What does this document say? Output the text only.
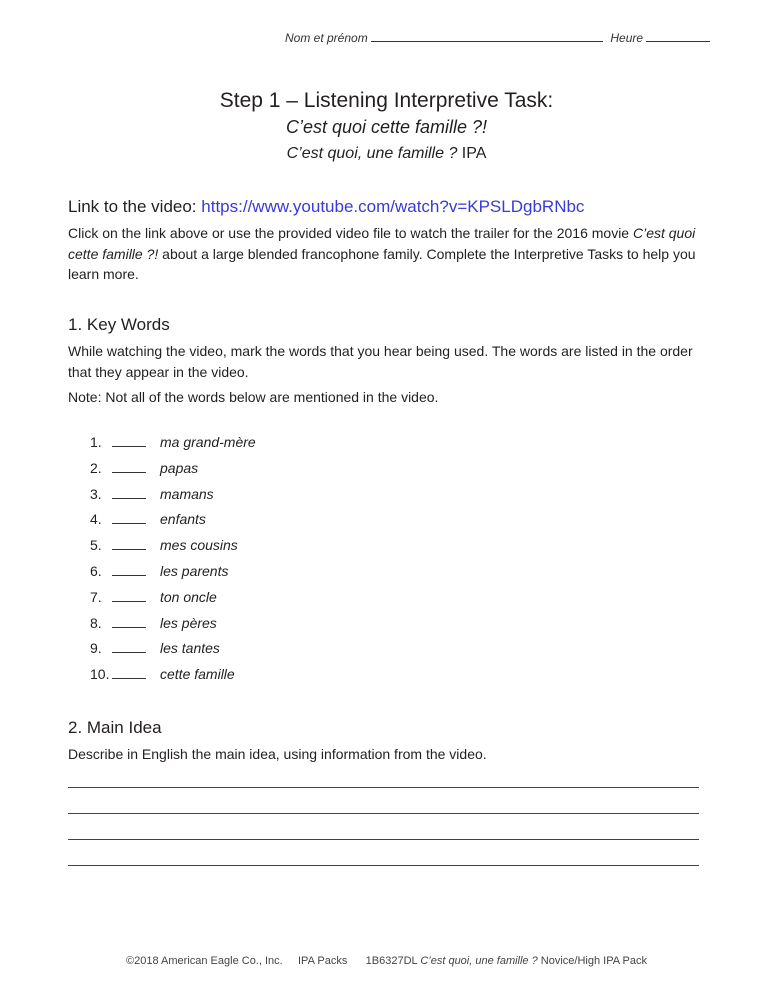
Nom et prénom	Heure
Step 1 – Listening Interpretive Task:
C’est quoi cette famille ?!
C’est quoi, une famille ? IPA
Link to the video: https://www.youtube.com/watch?v=KPSLDgbRNbc

Click on the link above or use the provided video file to watch the trailer for the 2016 movie C’est quoi cette famille ?! about a large blended francophone family. Complete the Interpretive Tasks to help you learn more.

1. Key Words

While watching the video, mark the words that you hear being used. The words are listed in the order that they appear in the video.

Note: Not all of the words below are mentioned in the video.

1.	ma grand-mère
2.	papas
3.	mamans
4.	enfants
5.	mes cousins
6.	les parents
7.	ton oncle
8.	les pères
9.	les tantes
10.	cette famille
2. Main Idea

Describe in English the main idea, using information from the video.

©2018 American Eagle Co., Inc. IPA Packs 1B6327DL C’est quoi, une famille ? Novice/High IPA Pack
